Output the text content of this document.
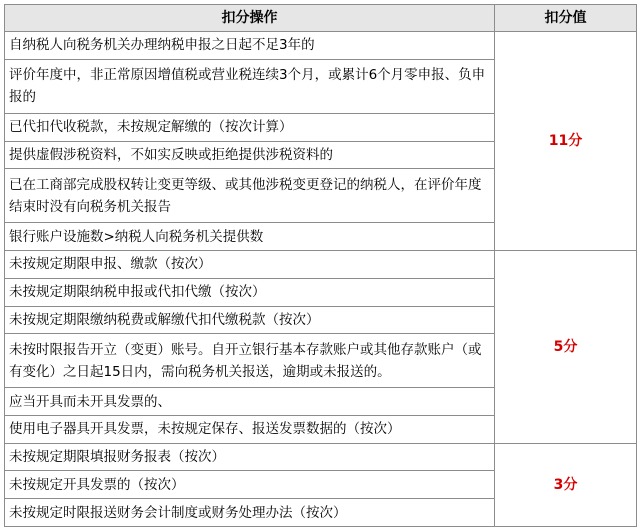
扣分操作	扣分值
自纳税人向税务机关办理纳税申报之日起不足3年的	11分
评价年度中，非正常原因增值税或营业税连续3个月，或累计6个月零申报、负申报的	
已代扣代收税款，未按规定解缴的（按次计算）	
提供虚假涉税资料，不如实反映或拒绝提供涉税资料的	
已在工商部完成股权转让变更等级、或其他涉税变更登记的纳税人，在评价年度结束时没有向税务机关报告	
银行账户设施数>纳税人向税务机关提供数	
未按规定期限申报、缴款（按次）	5分
未按规定期限纳税申报或代扣代缴（按次）	
未按规定期限缴纳税费或解缴代扣代缴税款（按次）	
未按时限报告开立（变更）账号。自开立银行基本存款账户或其他存款账户（或有变化）之日起15日内，需向税务机关报送，逾期或未报送的。	
应当开具而未开具发票的、	
使用电子器具开具发票，未按规定保存、报送发票数据的（按次）	
未按规定期限填报财务报表（按次）	3分
未按规定开具发票的（按次）	
未按规定时限报送财务会计制度或财务处理办法（按次）	
